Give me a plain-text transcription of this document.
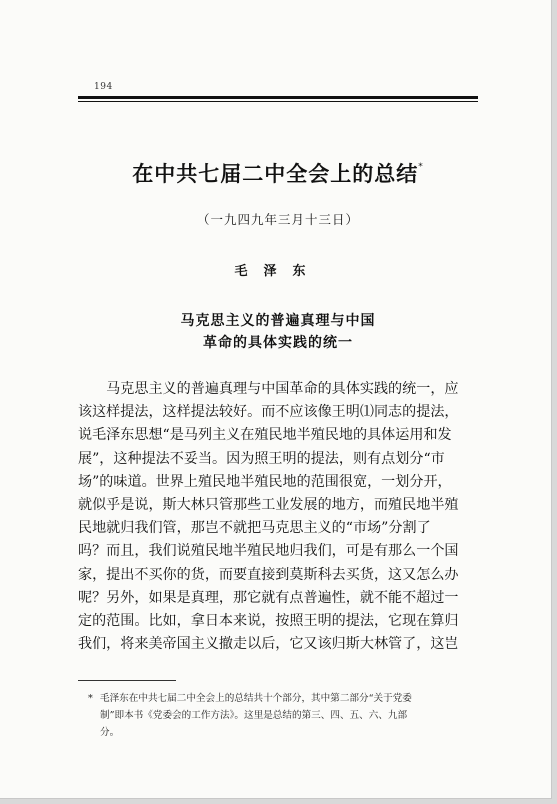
194
在中共七届二中全会上的总结*
（一九四九年三月十三日）
毛泽东
马克思主义的普遍真理与中国
革命的具体实践的统一
　　马克思主义的普遍真理与中国革命的具体实践的统一，应
该这样提法，这样提法较好。而不应该像王明⑴同志的提法，
说毛泽东思想“是马列主义在殖民地半殖民地的具体运用和发
展”，这种提法不妥当。因为照王明的提法，则有点划分“市
场”的味道。世界上殖民地半殖民地的范围很宽，一划分开，
就似乎是说，斯大林只管那些工业发展的地方，而殖民地半殖
民地就归我们管，那岂不就把马克思主义的“市场”分割了
吗？而且，我们说殖民地半殖民地归我们，可是有那么一个国
家，提出不买你的货，而要直接到莫斯科去买货，这又怎么办
呢？另外，如果是真理，那它就有点普遍性，就不能不超过一
定的范围。比如，拿日本来说，按照王明的提法，它现在算归
我们，将来美帝国主义撤走以后，它又该归斯大林管了，这岂
* 毛泽东在中共七届二中全会上的总结共十个部分，其中第二部分“关于党委
制”即本书《党委会的工作方法》。这里是总结的第三、四、五、六、九部
分。
